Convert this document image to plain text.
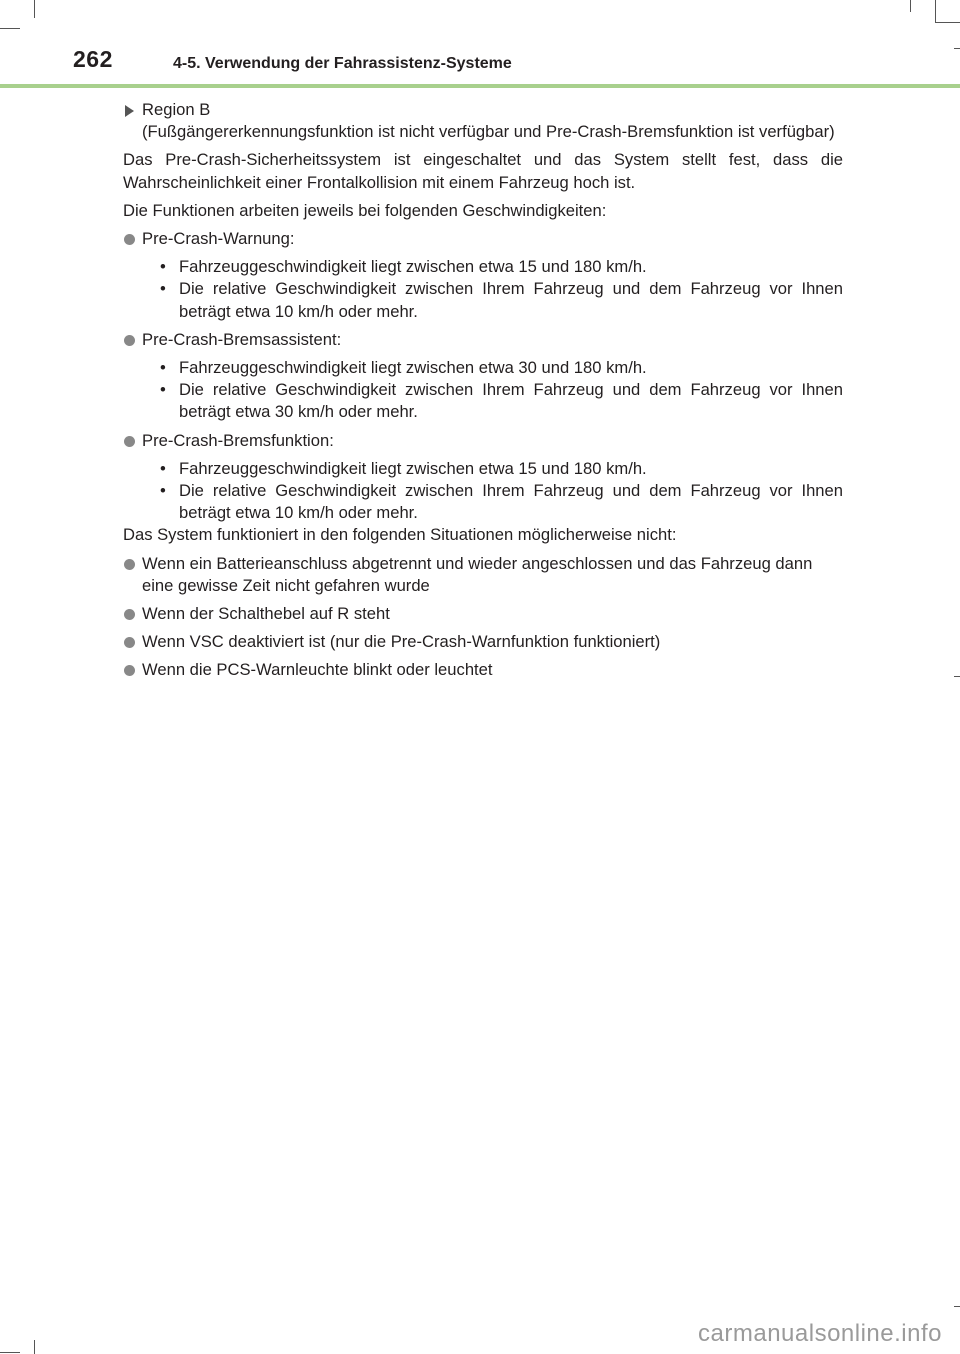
262	4-5. Verwendung der Fahrassistenz-Systeme
Region B
(Fußgängererkennungsfunktion ist nicht verfügbar und Pre-Crash-Bremsfunktion ist verfügbar)

Das Pre-Crash-Sicherheitssystem ist eingeschaltet und das System stellt fest, dass die Wahrscheinlichkeit einer Frontalkollision mit einem Fahrzeug hoch ist.

Die Funktionen arbeiten jeweils bei folgenden Geschwindigkeiten:

Pre-Crash-Warnung:
• Fahrzeuggeschwindigkeit liegt zwischen etwa 15 und 180 km/h.
• Die relative Geschwindigkeit zwischen Ihrem Fahrzeug und dem Fahrzeug vor Ihnen beträgt etwa 10 km/h oder mehr.
Pre-Crash-Bremsassistent:
• Fahrzeuggeschwindigkeit liegt zwischen etwa 30 und 180 km/h.
• Die relative Geschwindigkeit zwischen Ihrem Fahrzeug und dem Fahrzeug vor Ihnen beträgt etwa 30 km/h oder mehr.
Pre-Crash-Bremsfunktion:
• Fahrzeuggeschwindigkeit liegt zwischen etwa 15 und 180 km/h.
• Die relative Geschwindigkeit zwischen Ihrem Fahrzeug und dem Fahrzeug vor Ihnen beträgt etwa 10 km/h oder mehr.

Das System funktioniert in den folgenden Situationen möglicherweise nicht:

Wenn ein Batterieanschluss abgetrennt und wieder angeschlossen und das Fahrzeug dann eine gewisse Zeit nicht gefahren wurde
Wenn der Schalthebel auf R steht
Wenn VSC deaktiviert ist (nur die Pre-Crash-Warnfunktion funktioniert)
Wenn die PCS-Warnleuchte blinkt oder leuchtet
carmanualsonline.info
